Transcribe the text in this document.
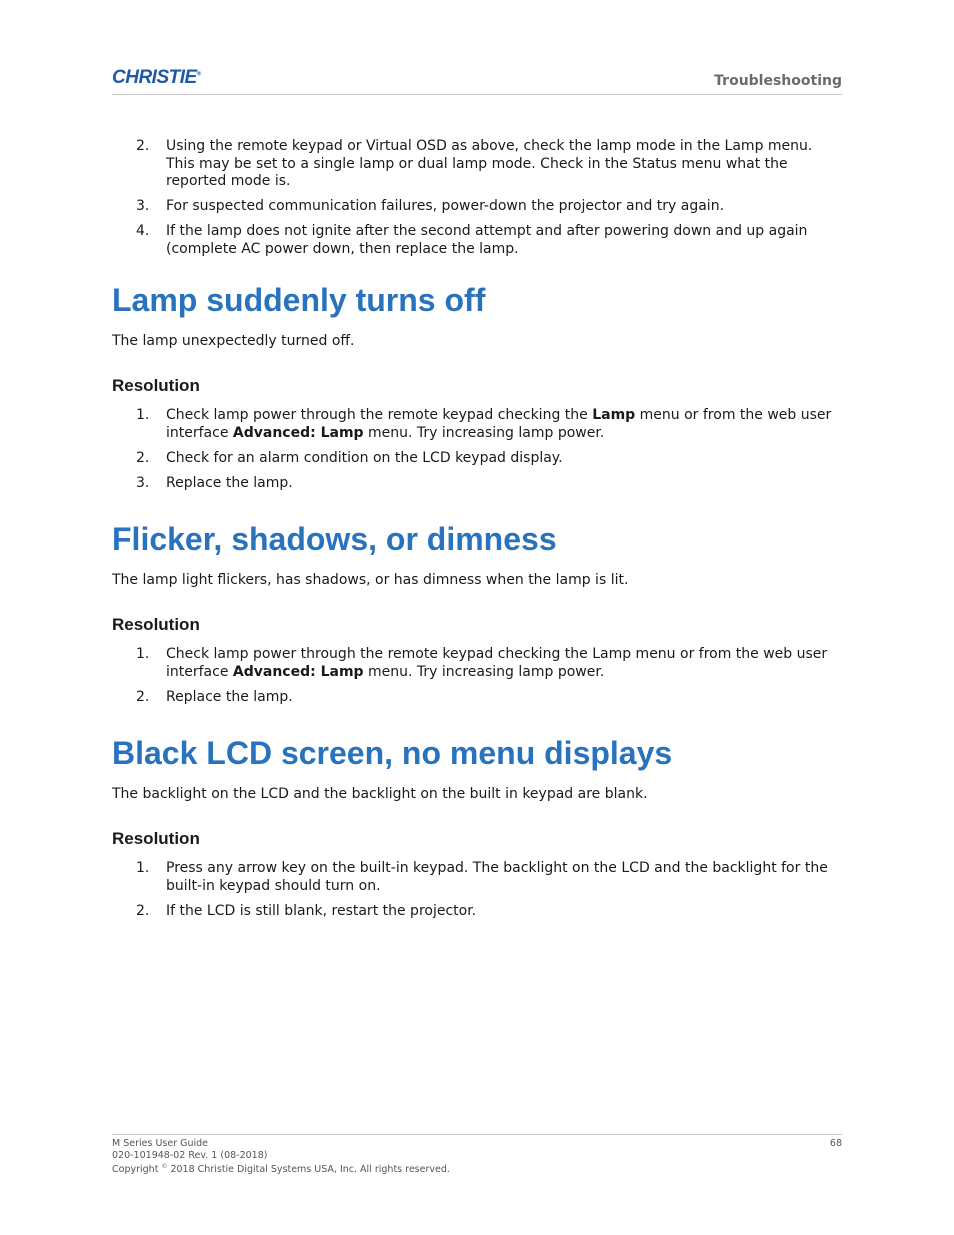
CHRISTIE®	Troubleshooting
2. Using the remote keypad or Virtual OSD as above, check the lamp mode in the Lamp menu. This may be set to a single lamp or dual lamp mode. Check in the Status menu what the reported mode is.
3. For suspected communication failures, power-down the projector and try again.
4. If the lamp does not ignite after the second attempt and after powering down and up again (complete AC power down, then replace the lamp.
Lamp suddenly turns off

The lamp unexpectedly turned off.

Resolution
1. Check lamp power through the remote keypad checking the Lamp menu or from the web user interface Advanced: Lamp menu. Try increasing lamp power.
2. Check for an alarm condition on the LCD keypad display.
3. Replace the lamp.
Flicker, shadows, or dimness

The lamp light flickers, has shadows, or has dimness when the lamp is lit.

Resolution
1. Check lamp power through the remote keypad checking the Lamp menu or from the web user interface Advanced: Lamp menu. Try increasing lamp power.
2. Replace the lamp.
Black LCD screen, no menu displays

The backlight on the LCD and the backlight on the built in keypad are blank.

Resolution
1. Press any arrow key on the built-in keypad. The backlight on the LCD and the backlight for the built-in keypad should turn on.
2. If the LCD is still blank, restart the projector.
M Series User Guide
020-101948-02 Rev. 1 (08-2018)
Copyright © 2018 Christie Digital Systems USA, Inc. All rights reserved.
68
